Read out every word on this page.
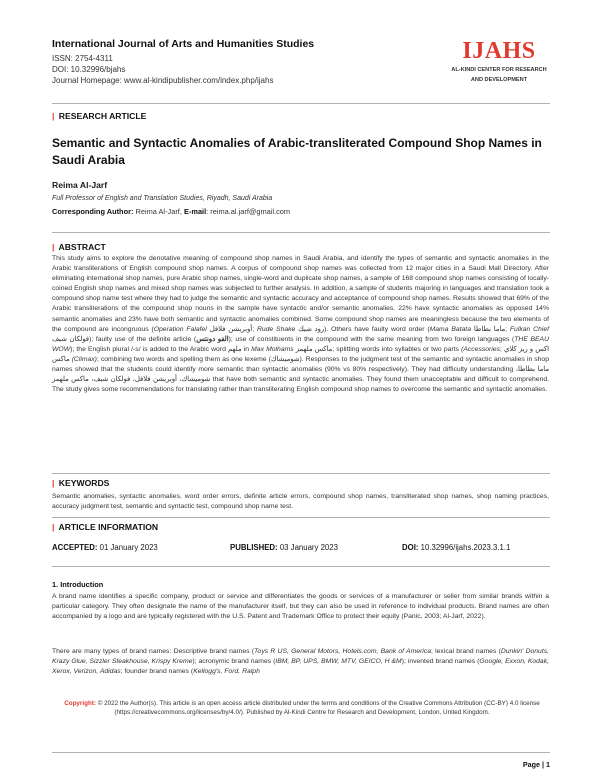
International Journal of Arts and Humanities Studies
ISSN: 2754-4311
DOI: 10.32996/bjahs
Journal Homepage: www.al-kindipublisher.com/index.php/ijahs
IJAHS
AL-KINDI CENTER FOR RESEARCH
AND DEVELOPMENT
| RESEARCH ARTICLE
Semantic and Syntactic Anomalies of Arabic-transliterated Compound Shop Names in Saudi Arabia
Reima Al-Jarf
Full Professor of English and Translation Studies, Riyadh, Saudi Arabia
Corresponding Author: Reima Al-Jarf, E-mail: reima.al.jarf@gmail.com
| ABSTRACT
This study aims to explore the denotative meaning of compound shop names in Saudi Arabia, and identify the types of semantic and syntactic anomalies in the Arabic transliterations of English compound shop names. A corpus of compound shop names was collected from 12 major cities in a Saudi Mall Directory. After eliminating international shop names, pure Arabic shop names, single-word and duplicate shop names, a sample of 168 compound shop names consisting of locally-coined English shop names and mixed shop names was subjected to further analysis. In addition, a sample of students majoring in languages and translation took a compound shop name test where they had to judge the semantic and syntactic accuracy and acceptance of compound shop names. Results showed that 69% of the Arabic transliterations of the compound shop nouns in the sample have syntactic and/or semantic anomalies. 22% have syntactic anomalies as opposed 14% semantic anomalies and 23% have both semantic and syntactic anomalies combined. Some compound shop names are meaningless because the two elements of the compound are incongruous (Operation Falafel أوبريشن فلافل; Rude Shake رود شيك). Others have faulty word order (Mama Batata ماما بطاطا; Fulkan Chief فولكان شيف); faulty use of the definite article (الفو دونتس); use of constituents in the compound with the same meaning from two foreign languages (THE BEAU WOW); the English plural /-s/ is added to the Arabic word ملهم in Max Molhams ماكس ملهمز; splitting words into syllables or two parts (Accessories; اكس و ريز كلاي ماكس (Climax); combining two words and spelling them as one lexeme (شوميشاك). Responses to the judgment test of the semantic and syntactic anomalies in shop names showed that the students could identify more semantic than syntactic anomalies (90% vs 80% respectively). They had difficulty understanding ماما بطاطا، شوميشاك، أوبريشن فلافل، فولكان شيف، ماكس ملهمز that have both semantic and syntactic anomalies. They found them unacceptable and difficult to comprehend. The study gives some recommendations for translating rather than transliterating English compound shop names to overcome the semantic and syntactic anomalies.
| KEYWORDS
Semantic anomalies, syntactic anomalies, word order errors, definite article errors, compound shop names, transliterated shop names, shop naming practices, accuracy judgment test, semantic and syntactic test, compound shop name test.
| ARTICLE INFORMATION
ACCEPTED: 01 January 2023	PUBLISHED: 03 January 2023	DOI: 10.32996/ijahs.2023.3.1.1
1. Introduction
A brand name identifies a specific company, product or service and differentiates the goods or services of a manufacturer or seller from similar brands within a particular category. They often designate the name of the manufacturer itself, but they can also be used in reference to individual products. Brand names are often accompanied by a logo and are typically registered with the U.S. Patent and Trademark Office to protect their equity (Panic, 2003; Al-Jarf, 2022).
There are many types of brand names: Descriptive brand names (Toys R US, General Motors, Hotels.com, Bank of America; lexical brand names (Dunkin' Donuts, Krazy Glue, Sizzler Steakhouse, Krispy Kreme); acronymic brand names (IBM, BP, UPS, BMW, MTV, GEICO, H &M); invented brand names (Google, Exxon, Kodak, Xerox, Verizon, Adidas; founder brand names (Kellogg's, Ford, Ralph
Copyright: © 2022 the Author(s). This article is an open access article distributed under the terms and conditions of the Creative Commons Attribution (CC-BY) 4.0 license (https://creativecommons.org/licenses/by/4.0/). Published by Al-Kindi Centre for Research and Development, London, United Kingdom.
Page | 1
